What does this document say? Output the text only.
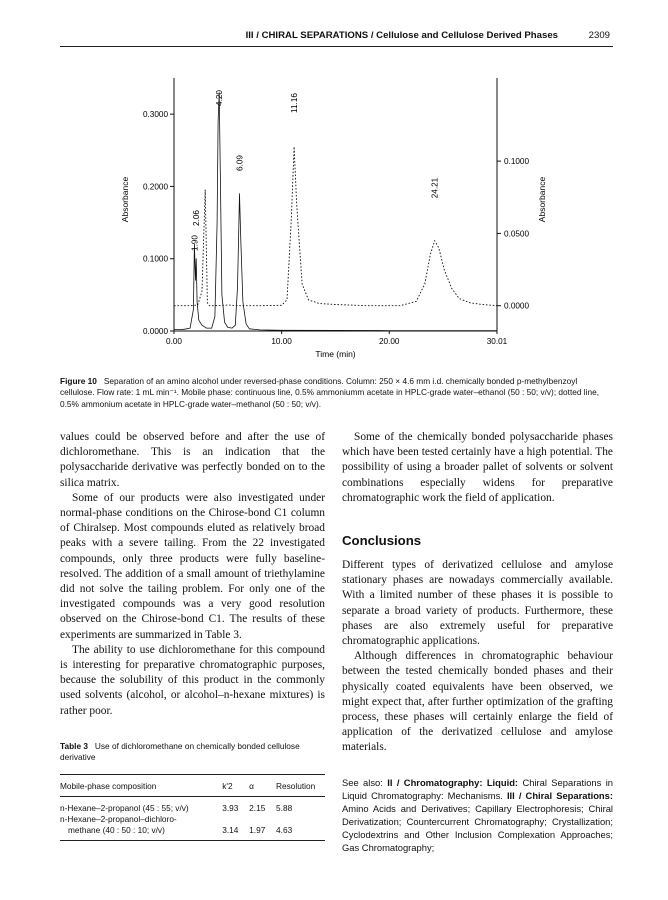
III / CHIRAL SEPARATIONS / Cellulose and Cellulose Derived Phases	2309
0.0000
0.1000
0.2000
0.3000
0.0000
0.0500
0.1000
0.00	10.00	20.00	30.01
1.90
2.06
4.20
6.09
11.16
24.21
Time (min)
Absorbance	Absorbance
Figure 10 Separation of an amino alcohol under reversed-phase conditions. Column: 250 × 4.6 mm i.d. chemically bonded p-methylbenzoyl cellulose. Flow rate: 1 mL min⁻¹. Mobile phase: continuous line, 0.5% ammoniumm acetate in HPLC-grade water–ethanol (50 : 50; v/v); dotted line, 0.5% ammonium acetate in HPLC-grade water–methanol (50 : 50; v/v).

values could be observed before and after the use of dichloromethane. This is an indication that the polysaccharide derivative was perfectly bonded on to the silica matrix.

Some of our products were also investigated under normal-phase conditions on the Chirose-bond C1 column of Chiralsep. Most compounds eluted as relatively broad peaks with a severe tailing. From the 22 investigated compounds, only three products were fully baseline-resolved. The addition of a small amount of triethylamine did not solve the tailing problem. For only one of the investigated compounds was a very good resolution observed on the Chirose-bond C1. The results of these experiments are summarized in Table 3.

The ability to use dichloromethane for this compound is interesting for preparative chromatographic purposes, because the solubility of this product in the commonly used solvents (alcohol, or alcohol–n-hexane mixtures) is rather poor.

Table 3 Use of dichloromethane on chemically bonded cellulose derivative
Mobile-phase composition	k'2	α	Resolution
n-Hexane–2-propanol (45 : 55; v/v)	3.93	2.15	5.88
n-Hexane–2-propanol–dichloro-			
methane (40 : 50 : 10; v/v)	3.14	1.97	4.63

Some of the chemically bonded polysaccharide phases which have been tested certainly have a high potential. The possibility of using a broader pallet of solvents or solvent combinations especially widens for preparative chromatographic work the field of application.

Conclusions

Different types of derivatized cellulose and amylose stationary phases are nowadays commercially available. With a limited number of these phases it is possible to separate a broad variety of products. Furthermore, these phases are also extremely useful for preparative chromatographic applications.

Although differences in chromatographic behaviour between the tested chemically bonded phases and their physically coated equivalents have been observed, we might expect that, after further optimization of the grafting process, these phases will certainly enlarge the field of application of the derivatized cellulose and amylose materials.

See also: II / Chromatography: Liquid: Chiral Separations in Liquid Chromatography: Mechanisms. III / Chiral Separations: Amino Acids and Derivatives; Capillary Electrophoresis; Chiral Derivatization; Countercurrent Chromatography; Crystallization; Cyclodextrins and Other Inclusion Complexation Approaches; Gas Chromatography;
